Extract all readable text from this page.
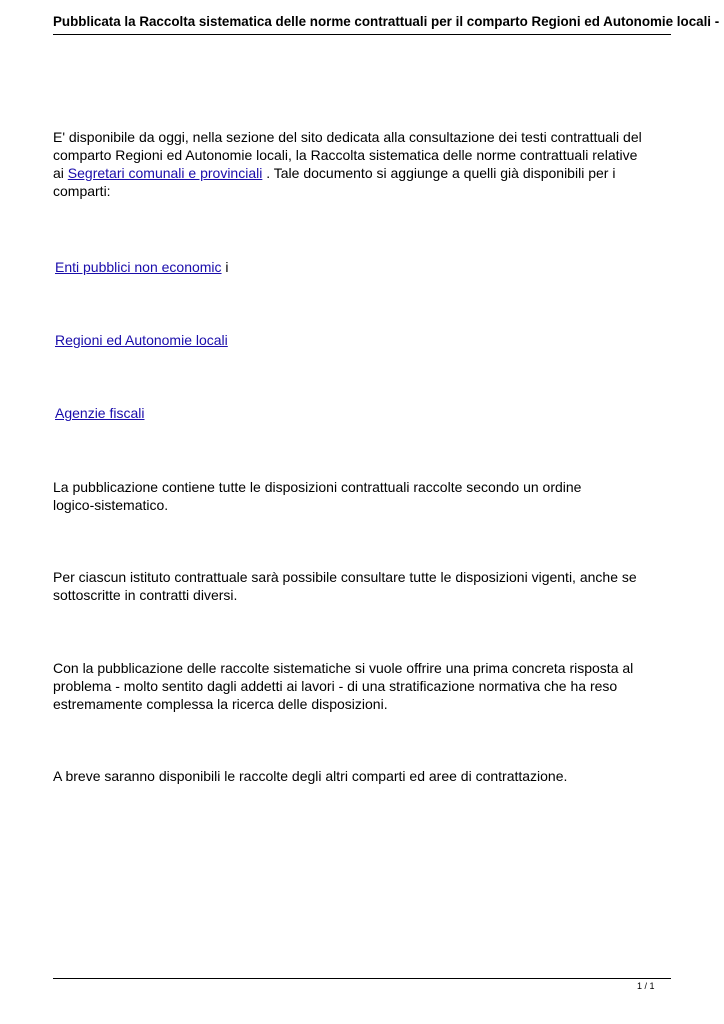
Pubblicata la Raccolta sistematica delle norme contrattuali per il comparto Regioni ed Autonomie locali -
E' disponibile da oggi, nella sezione del sito dedicata alla consultazione dei testi contrattuali del
comparto Regioni ed Autonomie locali, la Raccolta sistematica delle norme contrattuali relative
ai Segretari comunali e provinciali . Tale documento si aggiunge a quelli già disponibili per i
comparti:
Enti pubblici non economic i
Regioni ed Autonomie locali
Agenzie fiscali
La pubblicazione contiene tutte le disposizioni contrattuali raccolte secondo un ordine
logico-sistematico.
Per ciascun istituto contrattuale sarà possibile consultare tutte le disposizioni vigenti, anche se
sottoscritte in contratti diversi.
Con la pubblicazione delle raccolte sistematiche si vuole offrire una prima concreta risposta al
problema - molto sentito dagli addetti ai lavori - di una stratificazione normativa che ha reso
estremamente complessa la ricerca delle disposizioni.
A breve saranno disponibili le raccolte degli altri comparti ed aree di contrattazione.
1 / 1
